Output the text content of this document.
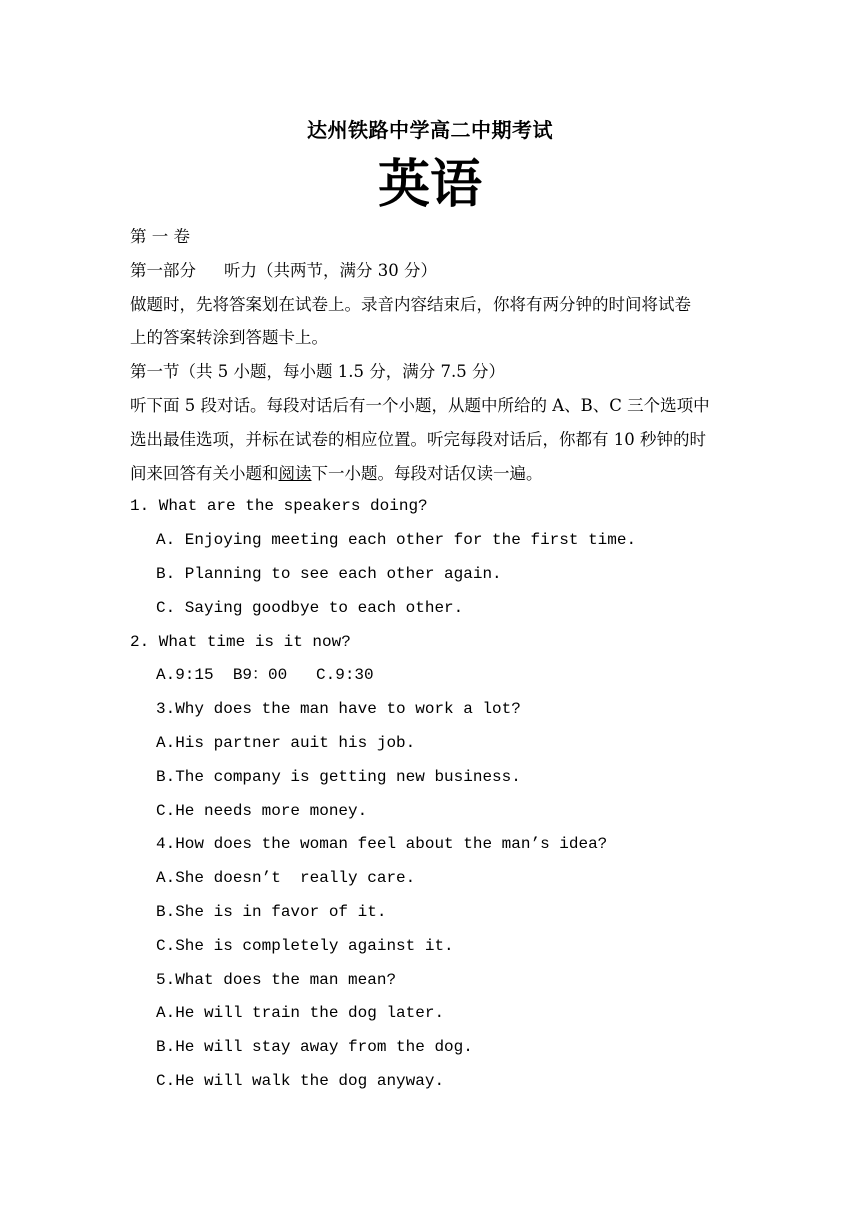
达州铁路中学高二中期考试
英语
第 一 卷
第一部分 听力（共两节，满分 30 分）
做题时，先将答案划在试卷上。录音内容结束后，你将有两分钟的时间将试卷
上的答案转涂到答题卡上。
第一节（共 5 小题，每小题 1.5 分，满分 7.5 分）
听下面 5 段对话。每段对话后有一个小题，从题中所给的 A、B、C 三个选项中
选出最佳选项，并标在试卷的相应位置。听完每段对话后，你都有 10 秒钟的时
间来回答有关小题和阅读下一小题。每段对话仅读一遍。
1. What are the speakers doing?
A. Enjoying meeting each other for the first time.
B. Planning to see each other again.
C. Saying goodbye to each other.
2. What time is it now?
A.9:15  B9：00   C.9:30
3.Why does the man have to work a lot?
A.His partner auit his job.
B.The company is getting new business.
C.He needs more money.
4.How does the woman feel about the man’s idea?
A.She doesn’t  really care.
B.She is in favor of it.
C.She is completely against it.
5.What does the man mean?
A.He will train the dog later.
B.He will stay away from the dog.
C.He will walk the dog anyway.
